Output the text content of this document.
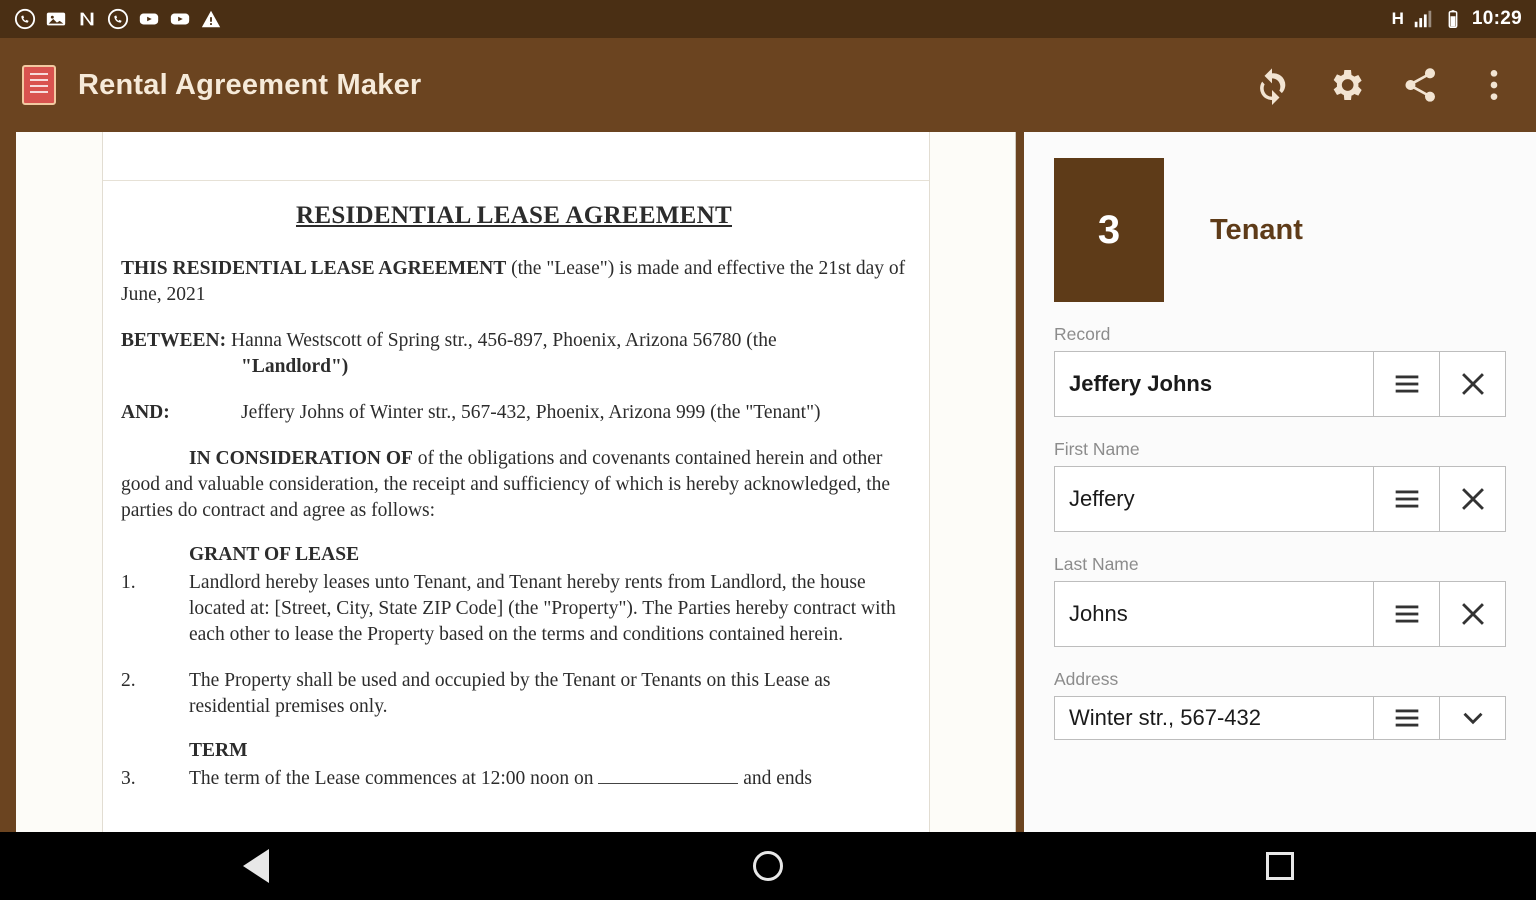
H	10:29
Rental Agreement Maker
RESIDENTIAL LEASE AGREEMENT
THIS RESIDENTIAL LEASE AGREEMENT (the "Lease") is made and effective the 21st day of June, 2021
BETWEEN: Hanna Westscott of Spring str., 456-897, Phoenix, Arizona 56780 (the
"Landlord")
AND:	Jeffery Johns of Winter str., 567-432, Phoenix, Arizona 999 (the "Tenant")
IN CONSIDERATION OF of the obligations and covenants contained herein and other good and valuable consideration, the receipt and sufficiency of which is hereby acknowledged, the parties do contract and agree as follows:
GRANT OF LEASE
1.	Landlord hereby leases unto Tenant, and Tenant hereby rents from Landlord, the house located at: [Street, City, State ZIP Code] (the "Property"). The Parties hereby contract with each other to lease the Property based on the terms and conditions contained herein.
2.	The Property shall be used and occupied by the Tenant or Tenants on this Lease as residential premises only.
TERM
3.	The term of the Lease commences at 12:00 noon on	and ends
3	Tenant
Record
Jeffery Johns
First Name
Jeffery
Last Name
Johns
Address
Winter str., 567-432
